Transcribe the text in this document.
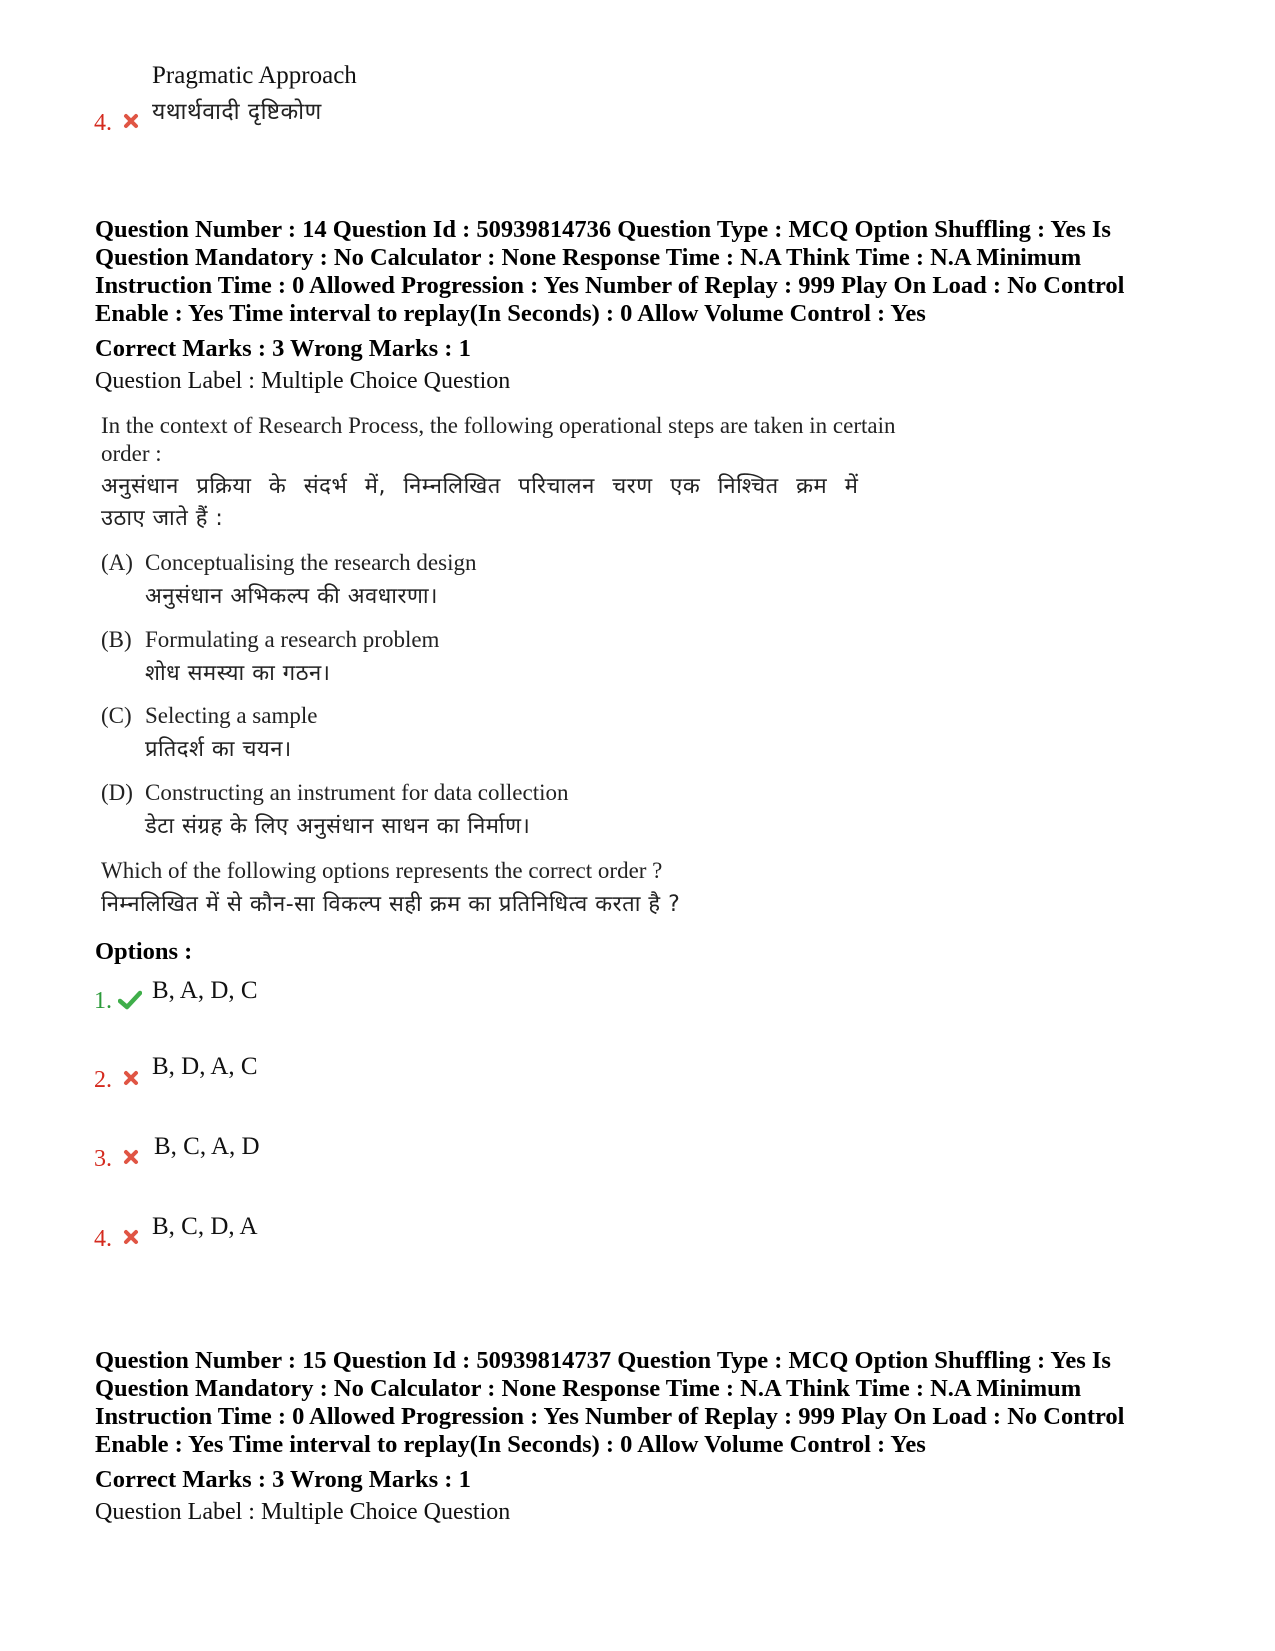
Pragmatic Approach
यथार्थवादी दृष्टिकोण
4.
Question Number : 14 Question Id : 50939814736 Question Type : MCQ Option Shuffling : Yes Is
Question Mandatory : No Calculator : None Response Time : N.A Think Time : N.A Minimum
Instruction Time : 0 Allowed Progression : Yes Number of Replay : 999 Play On Load : No Control
Enable : Yes Time interval to replay(In Seconds) : 0 Allow Volume Control : Yes
Correct Marks : 3 Wrong Marks : 1
Question Label : Multiple Choice Question
In the context of Research Process, the following operational steps are taken in certain
order :
अनुसंधान प्रक्रिया के संदर्भ में, निम्नलिखित परिचालन चरण एक निश्चित क्रम में
उठाए जाते हैं :
(A) Conceptualising the research design
अनुसंधान अभिकल्प की अवधारणा।
(B) Formulating a research problem
शोध समस्या का गठन।
(C) Selecting a sample
प्रतिदर्श का चयन।
(D) Constructing an instrument for data collection
डेटा संग्रह के लिए अनुसंधान साधन का निर्माण।
Which of the following options represents the correct order ?
निम्नलिखित में से कौन-सा विकल्प सही क्रम का प्रतिनिधित्व करता है ?
Options :
1. B, A, D, C
2. B, D, A, C
3. B, C, A, D
4. B, C, D, A
Question Number : 15 Question Id : 50939814737 Question Type : MCQ Option Shuffling : Yes Is
Question Mandatory : No Calculator : None Response Time : N.A Think Time : N.A Minimum
Instruction Time : 0 Allowed Progression : Yes Number of Replay : 999 Play On Load : No Control
Enable : Yes Time interval to replay(In Seconds) : 0 Allow Volume Control : Yes
Correct Marks : 3 Wrong Marks : 1
Question Label : Multiple Choice Question
